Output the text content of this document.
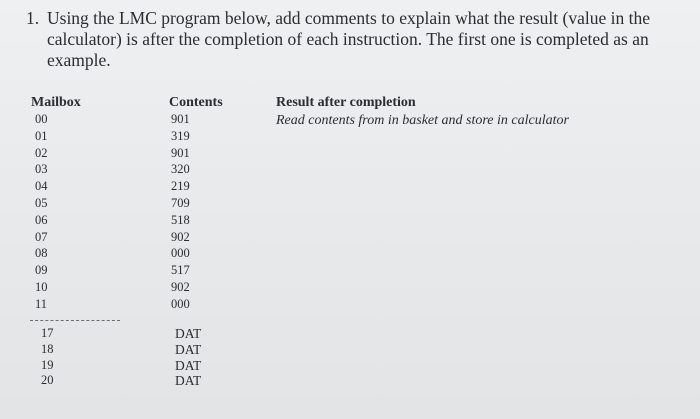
1. Using the LMC program below, add comments to explain what the result (value in the calculator) is after the completion of each instruction. The first one is completed as an example.
Mailbox	Contents	Result after completion
Read contents from in basket and store in calculator
00
01
02
03
04
05
06
07
08
09
10
11
17
18
19
20
901
319
901
320
219
709
518
902
000
517
902
000
DAT
DAT
DAT
DAT
